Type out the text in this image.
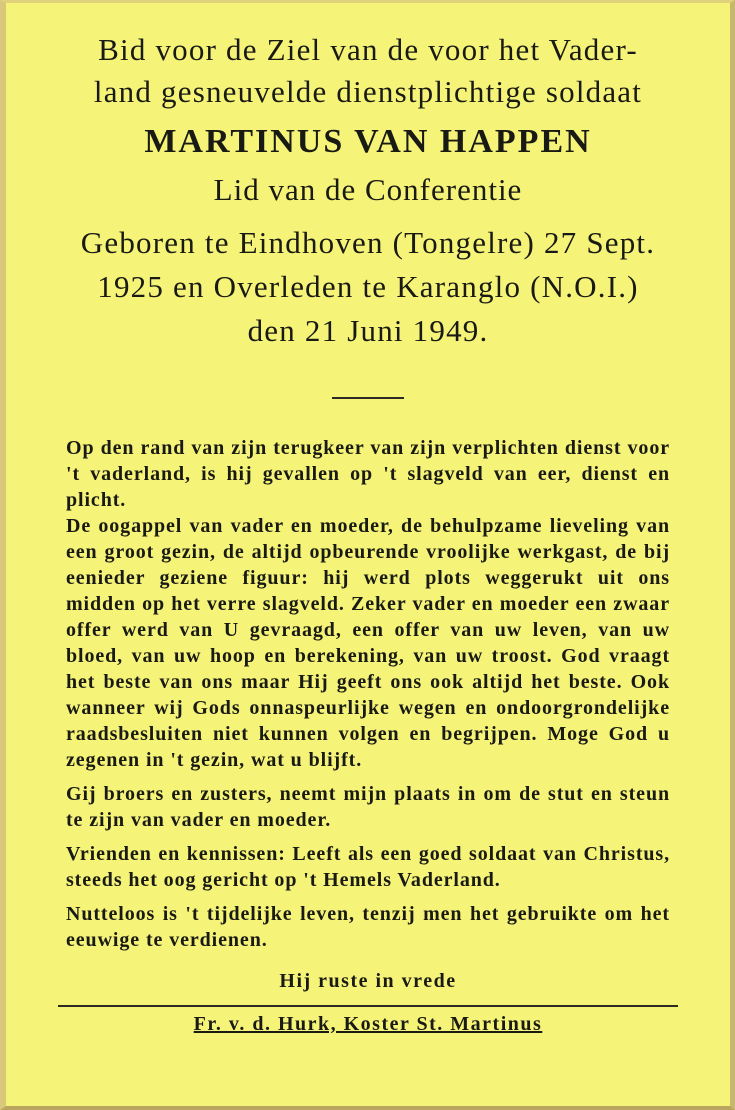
Bid voor de Ziel van de voor het Vader-
land gesneuvelde dienstplichtige soldaat
MARTINUS VAN HAPPEN
Lid van de Conferentie
Geboren te Eindhoven (Tongelre) 27 Sept.
1925 en Overleden te Karanglo (N.O.I.)
den 21 Juni 1949.

Op den rand van zijn terugkeer van zijn verplichten dienst voor 't vaderland, is hij gevallen op 't slagveld van eer, dienst en plicht.

De oogappel van vader en moeder, de behulpzame lieveling van een groot gezin, de altijd opbeurende vroolijke werkgast, de bij eenieder geziene figuur: hij werd plots weggerukt uit ons midden op het verre slagveld. Zeker vader en moeder een zwaar offer werd van U gevraagd, een offer van uw leven, van uw bloed, van uw hoop en berekening, van uw troost. God vraagt het beste van ons maar Hij geeft ons ook altijd het beste. Ook wanneer wij Gods onnaspeurlijke wegen en ondoorgrondelijke raadsbesluiten niet kunnen volgen en begrijpen. Moge God u zegenen in 't gezin, wat u blijft.

Gij broers en zusters, neemt mijn plaats in om de stut en steun te zijn van vader en moeder.

Vrienden en kennissen: Leeft als een goed soldaat van Christus, steeds het oog gericht op 't Hemels Vaderland.

Nutteloos is 't tijdelijke leven, tenzij men het gebruikte om het eeuwige te verdienen.

Hij ruste in vrede
Fr. v. d. Hurk, Koster St. Martinus
